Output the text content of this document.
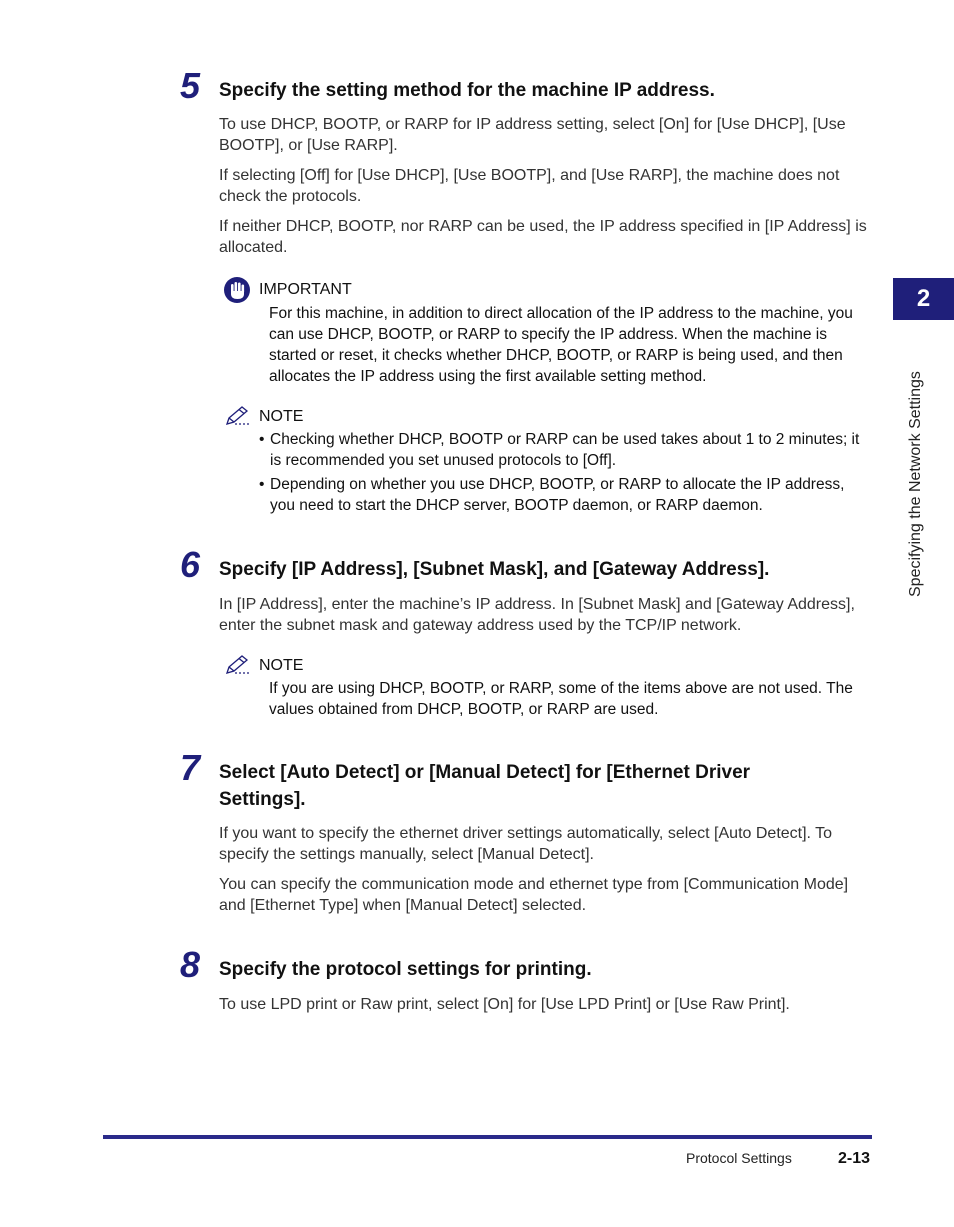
2
Specifying the Network Settings
5 Specify the setting method for the machine IP address.

To use DHCP, BOOTP, or RARP for IP address setting, select [On] for [Use DHCP], [Use BOOTP], or [Use RARP].

If selecting [Off] for [Use DHCP], [Use BOOTP], and [Use RARP], the machine does not check the protocols.

If neither DHCP, BOOTP, nor RARP can be used, the IP address specified in [IP Address] is allocated.

IMPORTANT

For this machine, in addition to direct allocation of the IP address to the machine, you can use DHCP, BOOTP, or RARP to specify the IP address. When the machine is started or reset, it checks whether DHCP, BOOTP, or RARP is being used, and then allocates the IP address using the first available setting method.

NOTE
• Checking whether DHCP, BOOTP or RARP can be used takes about 1 to 2 minutes; it is recommended you set unused protocols to [Off].
• Depending on whether you use DHCP, BOOTP, or RARP to allocate the IP address, you need to start the DHCP server, BOOTP daemon, or RARP daemon.
6 Specify [IP Address], [Subnet Mask], and [Gateway Address].

In [IP Address], enter the machine’s IP address. In [Subnet Mask] and [Gateway Address], enter the subnet mask and gateway address used by the TCP/IP network.

NOTE

If you are using DHCP, BOOTP, or RARP, some of the items above are not used. The values obtained from DHCP, BOOTP, or RARP are used.

7 Select [Auto Detect] or [Manual Detect] for [Ethernet Driver Settings].

If you want to specify the ethernet driver settings automatically, select [Auto Detect]. To specify the settings manually, select [Manual Detect].

You can specify the communication mode and ethernet type from [Communication Mode] and [Ethernet Type] when [Manual Detect] selected.

8 Specify the protocol settings for printing.

To use LPD print or Raw print, select [On] for [Use LPD Print] or [Use Raw Print].

Protocol Settings	2-13
